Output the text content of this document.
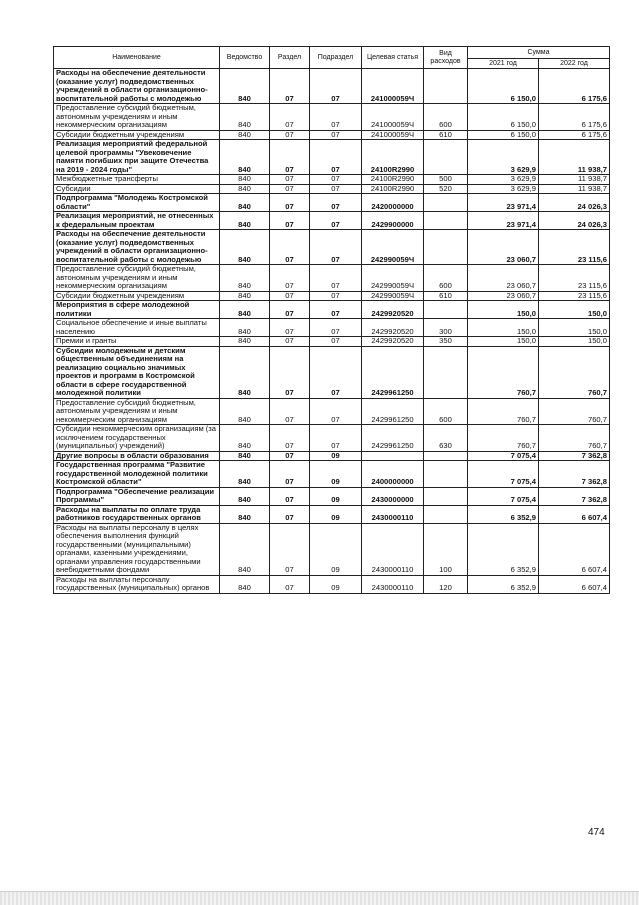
Наименование	Ведомство	Раздел	Подраздел	Целевая статья	Вид расходов	Сумма	
						2021 год	2022 год
Расходы на обеспечение деятельности (оказание услуг) подведомственных учреждений в области организационно-воспитательной работы с молодежью	840	07	07	241000059Ч		6 150,0	6 175,6
Предоставление субсидий бюджетным, автономным учреждениям и иным некоммерческим организациям	840	07	07	241000059Ч	600	6 150,0	6 175,6
Субсидии бюджетным учреждениям	840	07	07	241000059Ч	610	6 150,0	6 175,6
Реализация мероприятий федеральной целевой программы "Увековечение памяти погибших при защите Отечества на 2019 - 2024 годы"	840	07	07	24100R2990		3 629,9	11 938,7
Межбюджетные трансферты	840	07	07	24100R2990	500	3 629,9	11 938,7
Субсидии	840	07	07	24100R2990	520	3 629,9	11 938,7
Подпрограмма "Молодежь Костромской области"	840	07	07	2420000000		23 971,4	24 026,3
Реализация мероприятий, не отнесенных к федеральным проектам	840	07	07	2429900000		23 971,4	24 026,3
Расходы на обеспечение деятельности (оказание услуг) подведомственных учреждений в области организационно-воспитательной работы с молодежью	840	07	07	242990059Ч		23 060,7	23 115,6
Предоставление субсидий бюджетным, автономным учреждениям и иным некоммерческим организациям	840	07	07	242990059Ч	600	23 060,7	23 115,6
Субсидии бюджетным учреждениям	840	07	07	242990059Ч	610	23 060,7	23 115,6
Мероприятия в сфере молодежной политики	840	07	07	2429920520		150,0	150,0
Социальное обеспечение и иные выплаты населению	840	07	07	2429920520	300	150,0	150,0
Премии и гранты	840	07	07	2429920520	350	150,0	150,0
Субсидии молодежным и детским общественным объединениям на реализацию социально значимых проектов и программ в Костромской области в сфере государственной молодежной политики	840	07	07	2429961250		760,7	760,7
Предоставление субсидий бюджетным, автономным учреждениям и иным некоммерческим организациям	840	07	07	2429961250	600	760,7	760,7
Субсидии некоммерческим организациям (за исключением государственных (муниципальных) учреждений)	840	07	07	2429961250	630	760,7	760,7
Другие вопросы в области образования	840	07	09			7 075,4	7 362,8
Государственная программа "Развитие государственной молодежной политики Костромской области"	840	07	09	2400000000		7 075,4	7 362,8
Подпрограмма "Обеспечение реализации Программы"	840	07	09	2430000000		7 075,4	7 362,8
Расходы на выплаты по оплате труда работников государственных органов	840	07	09	2430000110		6 352,9	6 607,4
Расходы на выплаты персоналу в целях обеспечения выполнения функций государственными (муниципальными) органами, казенными учреждениями, органами управления государственными внебюджетными фондами	840	07	09	2430000110	100	6 352,9	6 607,4
Расходы на выплаты персоналу государственных (муниципальных) органов	840	07	09	2430000110	120	6 352,9	6 607,4
474
